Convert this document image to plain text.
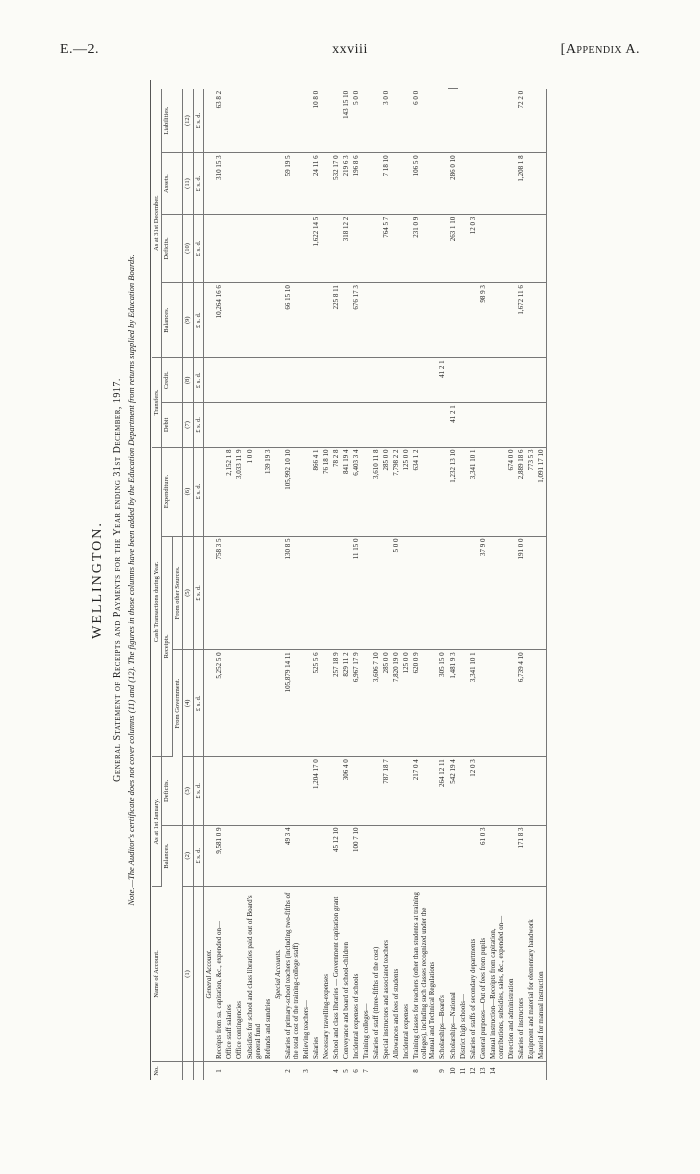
E.—2.	xxviii	[Appendix A.
WELLINGTON. General Statement of Receipts and Payments for the Year ending 31st December, 1917. Note.—The Auditor's certificate does not cover columns (11) and (12). The figures in those columns have been added by the Education Department from returns supplied by Education Boards.
No.	Name of Account.	As at 1st January.		Cash Transactions during Year.			Transfers.		As at 31st December.				
		Balances.	Deficits.	Receipts.		Expenditure.	Debit	Credit.	Balances.	Deficits.	Assets.	Liabilities.	
				From Government.	From other Sources.								
	(1)	(2)	(3)	(4)	(5)	(6)	(7)	(8)	(9)	(10)	(11)	(12)	
		£ s. d.	£ s. d.	£ s. d.	£ s. d.	£ s. d.	£ s. d.	£ s. d.	£ s. d.	£ s. d.	£ s. d.	£ s. d.	
	General Account.												
1	Receipts from sa. capitation, &c., expended on—	9,581 0 9		5,252 5 0	758 3 5				10,264 16 6		310 15 3	63 8 2	
	Office staff salaries					2,152 1 8							
	Office contingencies					3,033 11 9							
	Subsidies for school and class libraries paid out of Board's general fund					1 0 0							
	Refunds and sundries					139 19 3							
	Special Accounts.												
2	Salaries of primary-school teachers (including two-fifths of the total cost of the training-college staff)	49 3 4		105,879 14 11	130 8 5	105,992 10 10			66 15 10		59 19 5		
3	Relieving teachers—												
	Salaries		1,204 17 0	525 5 6		866 4 1				1,622 14 5	24 11 6	10 8 0	
	Necessary travelling-expenses					76 18 10							
4	School and class libraries — Government capitation grant	45 12 10		257 18 9		78 2 8			225 8 11		532 17 0		
5	Conveyance and board of school-children		306 4 0	829 11 2		841 19 4				318 12 2	219 6 3	143 15 10	
6	Incidental expenses of schools	100 7 10		6,967 17 9	11 15 0	6,403 3 4			676 17 3		196 8 6	5 0 0	
7	Training colleges—												
	Salaries of staff (three-fifths of the cost)			3,606 7 10		3,610 11 8							
	Special instructors and associated teachers		787 18 7	285 0 0		285 0 0				764 5 7	7 18 10	3 0 0	
	Allowances and fees of students			7,820 19 0	5 0 0	7,798 2 2							
	Incidental expenses			125 0 0		125 0 0							
8	Training classes for teachers (other than students at training colleges), including such classes recognized under the Manual and Technical Regulations		217 0 4	620 0 9		634 1 2				231 0 9	106 5 0	6 0 0	
9	Scholarships—Board's		264 12 11	305 15 0				41 2 1					
10	Scholarships—National		542 19 4	1,481 9 3		1,232 13 10	41 2 1			263 1 10	286 0 10		
11	District high schools—												
12	Salaries of staffs of secondary departments		12 0 3	3,341 10 1		3,341 10 1				12 0 3			
13	General purposes—Out of fees from pupils	61 0 3			37 9 0				98 9 3				
14	Manual instruction—Receipts from capitation, contributions, subsidies, sales, &c., expended on—												
	Direction and administration					674 0 0							
	Salaries of instructors	171 8 3		6,739 4 10	191 0 0	2,889 18 6			1,672 11 6		1,208 1 8	72 2 0	
	Equipment and material for elementary handwork					773 5 3							
	Material for manual instruction					1,091 17 10							
